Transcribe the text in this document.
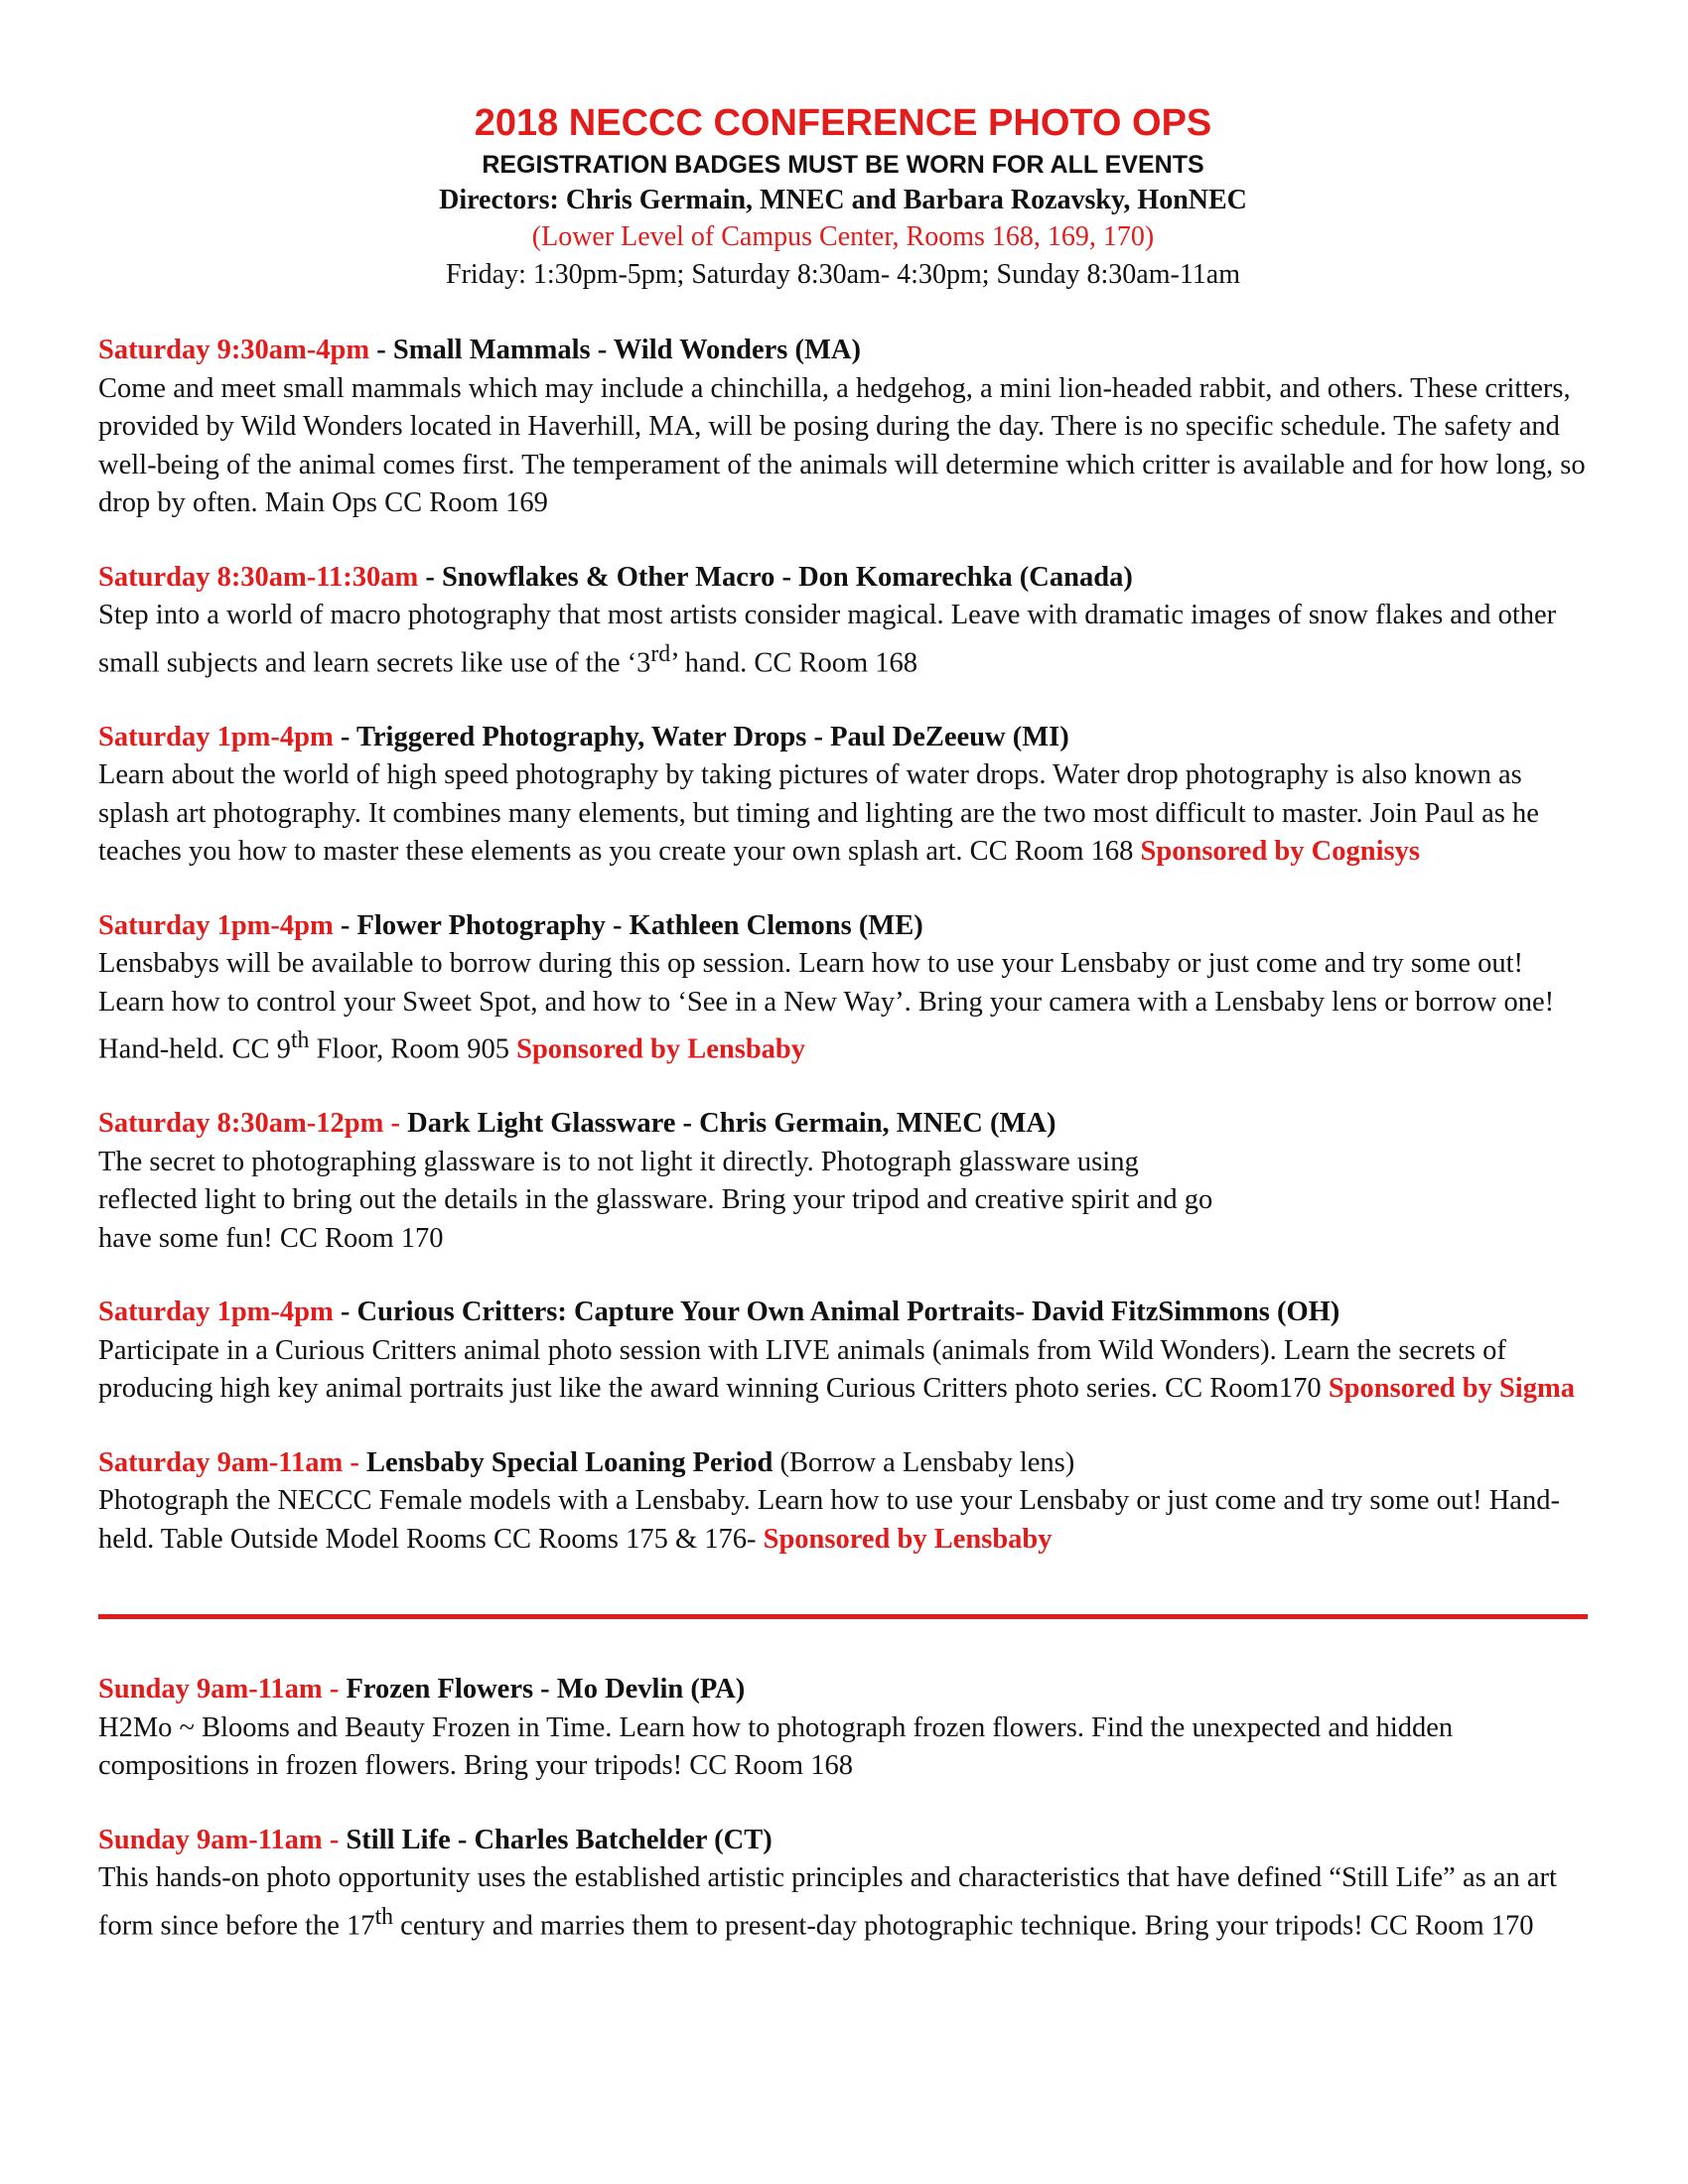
2018 NECCC CONFERENCE PHOTO OPS

REGISTRATION BADGES MUST BE WORN FOR ALL EVENTS

Directors: Chris Germain, MNEC and Barbara Rozavsky, HonNEC

(Lower Level of Campus Center, Rooms 168, 169, 170)

Friday: 1:30pm-5pm; Saturday 8:30am- 4:30pm; Sunday 8:30am-11am

Saturday 9:30am-4pm - Small Mammals - Wild Wonders (MA)
Come and meet small mammals which may include a chinchilla, a hedgehog, a mini lion-headed rabbit, and others. These critters, provided by Wild Wonders located in Haverhill, MA, will be posing during the day. There is no specific schedule. The safety and well-being of the animal comes first. The temperament of the animals will determine which critter is available and for how long, so drop by often. Main Ops CC Room 169
Saturday 8:30am-11:30am - Snowflakes & Other Macro - Don Komarechka (Canada)
Step into a world of macro photography that most artists consider magical. Leave with dramatic images of snow flakes and other small subjects and learn secrets like use of the ‘3rd’ hand. CC Room 168
Saturday 1pm-4pm - Triggered Photography, Water Drops - Paul DeZeeuw (MI)
Learn about the world of high speed photography by taking pictures of water drops. Water drop photography is also known as splash art photography. It combines many elements, but timing and lighting are the two most difficult to master. Join Paul as he teaches you how to master these elements as you create your own splash art. CC Room 168 Sponsored by Cognisys
Saturday 1pm-4pm - Flower Photography - Kathleen Clemons (ME)
Lensbabys will be available to borrow during this op session. Learn how to use your Lensbaby or just come and try some out! Learn how to control your Sweet Spot, and how to ‘See in a New Way’. Bring your camera with a Lensbaby lens or borrow one! Hand-held. CC 9th Floor, Room 905 Sponsored by Lensbaby
Saturday 8:30am-12pm - Dark Light Glassware - Chris Germain, MNEC (MA)
The secret to photographing glassware is to not light it directly. Photograph glassware using reflected light to bring out the details in the glassware. Bring your tripod and creative spirit and go have some fun! CC Room 170
Saturday 1pm-4pm - Curious Critters: Capture Your Own Animal Portraits- David FitzSimmons (OH)
Participate in a Curious Critters animal photo session with LIVE animals (animals from Wild Wonders). Learn the secrets of producing high key animal portraits just like the award winning Curious Critters photo series. CC Room170 Sponsored by Sigma
Saturday 9am-11am - Lensbaby Special Loaning Period (Borrow a Lensbaby lens)
Photograph the NECCC Female models with a Lensbaby. Learn how to use your Lensbaby or just come and try some out! Hand-held. Table Outside Model Rooms CC Rooms 175 & 176- Sponsored by Lensbaby
Sunday 9am-11am - Frozen Flowers - Mo Devlin (PA)
H2Mo ~ Blooms and Beauty Frozen in Time. Learn how to photograph frozen flowers. Find the unexpected and hidden compositions in frozen flowers. Bring your tripods! CC Room 168
Sunday 9am-11am - Still Life - Charles Batchelder (CT)
This hands-on photo opportunity uses the established artistic principles and characteristics that have defined “Still Life” as an art form since before the 17th century and marries them to present-day photographic technique. Bring your tripods! CC Room 170
